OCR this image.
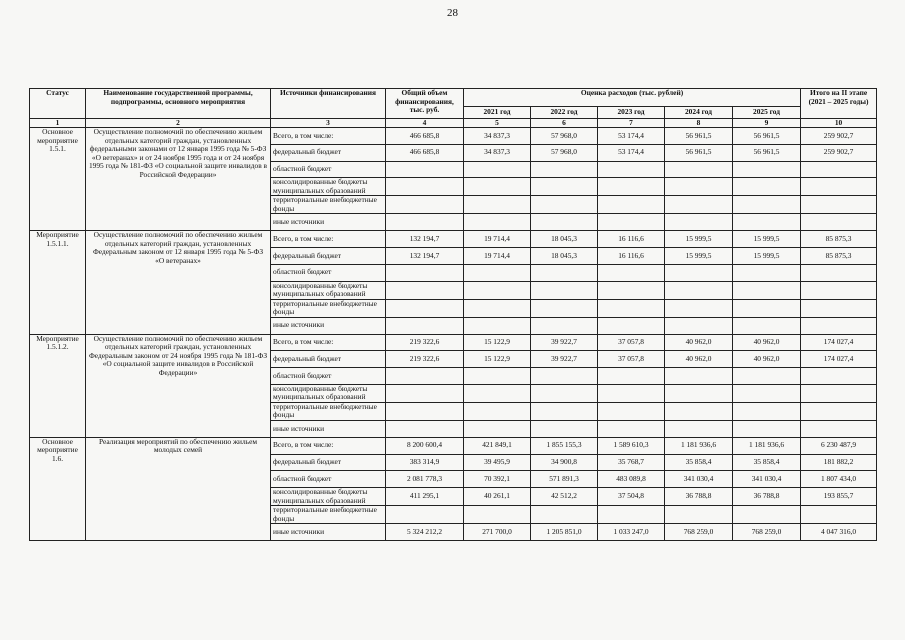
28
Статус	Наименование государственной программы, подпрограммы, основного мероприятия	Источники финансирования	Общий объем финансирования, тыс. руб.	Оценка расходов (тыс. рублей)					Итого на II этапе (2021 – 2025 годы)
				2021 год	2022 год	2023 год	2024 год	2025 год	
1	2	3	4	5	6	7	8	9	10
Основное мероприятие 1.5.1.	Осуществление полномочий по обеспечению жильем отдельных категорий граждан, установленных федеральными законами от 12 января 1995 года № 5-ФЗ «О ветеранах» и от 24 ноября 1995 года и от 24 ноября 1995 года № 181-ФЗ «О социальной защите инвалидов в Российской Федерации»	Всего, в том числе:	466 685,8	34 837,3	57 968,0	53 174,4	56 961,5	56 961,5	259 902,7
		федеральный бюджет	466 685,8	34 837,3	57 968,0	53 174,4	56 961,5	56 961,5	259 902,7
		областной бюджет							
		консолидированные бюджеты муниципальных образований							
		территориальные внебюджетные фонды							
		иные источники							
Мероприятие 1.5.1.1.	Осуществление полномочий по обеспечению жильем отдельных категорий граждан, установленных Федеральным законом от 12 января 1995 года № 5-ФЗ «О ветеранах»	Всего, в том числе:	132 194,7	19 714,4	18 045,3	16 116,6	15 999,5	15 999,5	85 875,3
		федеральный бюджет	132 194,7	19 714,4	18 045,3	16 116,6	15 999,5	15 999,5	85 875,3
		областной бюджет							
		консолидированные бюджеты муниципальных образований							
		территориальные внебюджетные фонды							
		иные источники							
Мероприятие 1.5.1.2.	Осуществление полномочий по обеспечению жильем отдельных категорий граждан, установленных Федеральным законом от 24 ноября 1995 года № 181-ФЗ «О социальной защите инвалидов в Российской Федерации»	Всего, в том числе:	219 322,6	15 122,9	39 922,7	37 057,8	40 962,0	40 962,0	174 027,4
		федеральный бюджет	219 322,6	15 122,9	39 922,7	37 057,8	40 962,0	40 962,0	174 027,4
		областной бюджет							
		консолидированные бюджеты муниципальных образований							
		территориальные внебюджетные фонды							
		иные источники							
Основное мероприятие 1.6.	Реализация мероприятий по обеспечению жильем молодых семей	Всего, в том числе:	8 200 600,4	421 849,1	1 855 155,3	1 589 610,3	1 181 936,6	1 181 936,6	6 230 487,9
		федеральный бюджет	383 314,9	39 495,9	34 900,8	35 768,7	35 858,4	35 858,4	181 882,2
		областной бюджет	2 081 778,3	70 392,1	571 891,3	483 089,8	341 030,4	341 030,4	1 807 434,0
		консолидированные бюджеты муниципальных образований	411 295,1	40 261,1	42 512,2	37 504,8	36 788,8	36 788,8	193 855,7
		территориальные внебюджетные фонды							
		иные источники	5 324 212,2	271 700,0	1 205 851,0	1 033 247,0	768 259,0	768 259,0	4 047 316,0
